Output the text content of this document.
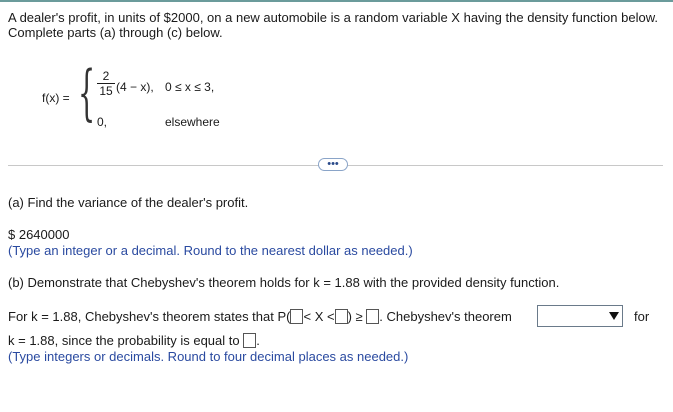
A dealer's profit, in units of $2000, on a new automobile is a random variable X having the density function below.
Complete parts (a) through (c) below.
f(x) = { 2
15 (4 − x), 0 ≤ x ≤ 3,
0,	elsewhere
•••
(a) Find the variance of the dealer's profit.
$ 2640000
(Type an integer or a decimal. Round to the nearest dollar as needed.)
(b) Demonstrate that Chebyshev's theorem holds for k = 1.88 with the provided density function.
For k = 1.88, Chebyshev's theorem states that P( < X < ) ≥ . Chebyshev's theorem	for
k = 1.88, since the probability is equal to .
(Type integers or decimals. Round to four decimal places as needed.)
